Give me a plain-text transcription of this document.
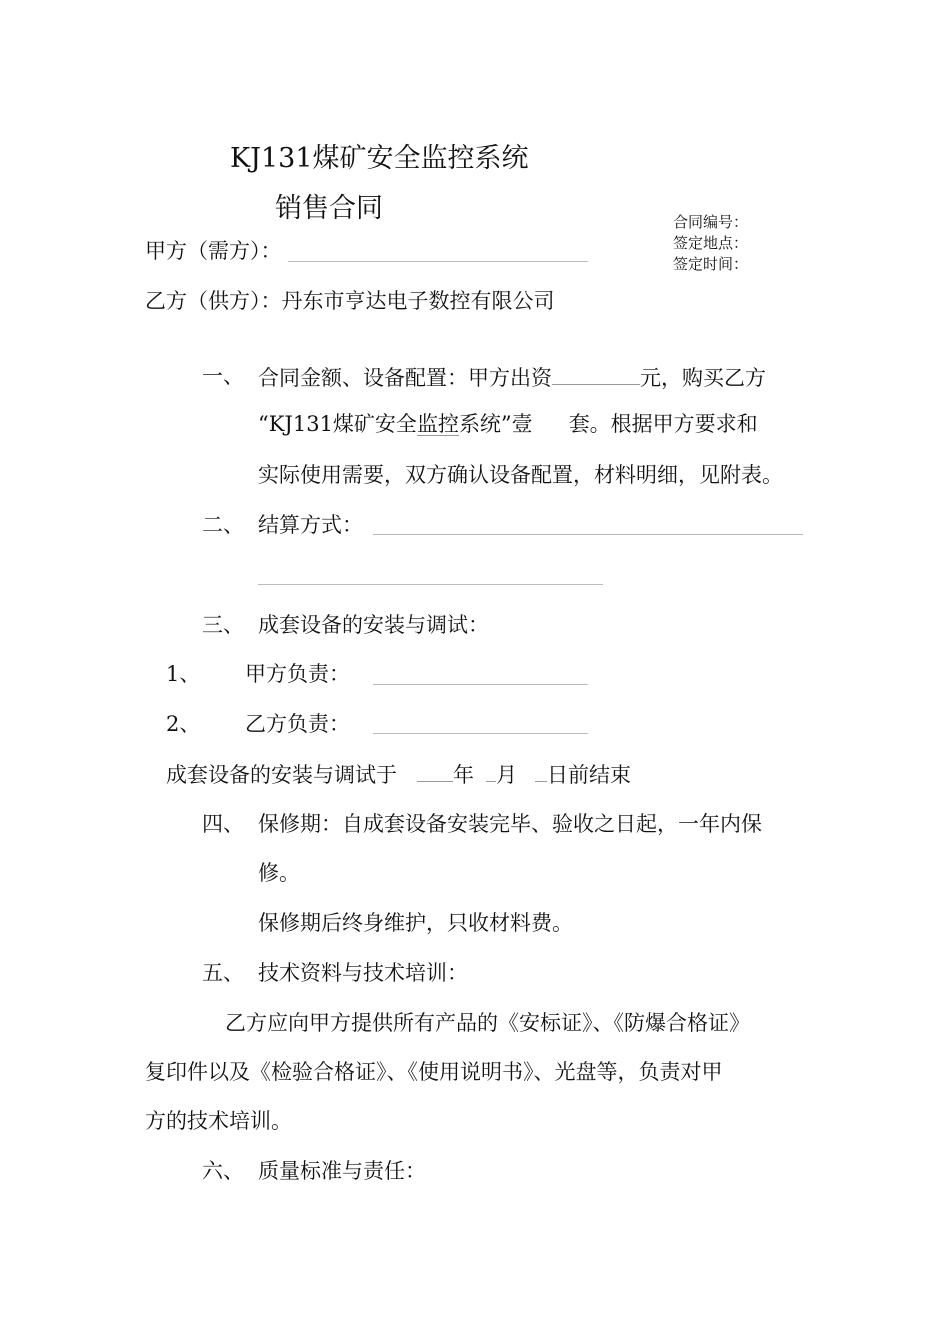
KJ131煤矿安全监控系统
销售合同	合同编号：
签定地点：
签定时间：
甲方（需方）：
乙方（供方）：丹东市亨达电子数控有限公司
一、 合同金额、设备配置：甲方出资	元，购买乙方
“KJ131煤矿安全监控系统”壹 套。根据甲方要求和
实际使用需要，双方确认设备配置，材料明细，见附表。
二、 结算方式：
三、 成套设备的安装与调试：
1、 甲方负责：
2、 乙方负责：
成套设备的安装与调试于	年 月 日前结束
四、 保修期：自成套设备安装完毕、验收之日起，一年内保
修。
保修期后终身维护，只收材料费。
五、 技术资料与技术培训：
乙方应向甲方提供所有产品的《安标证》、《防爆合格证》
复印件以及《检验合格证》、《使用说明书》、光盘等，负责对甲
方的技术培训。
六、 质量标准与责任：
